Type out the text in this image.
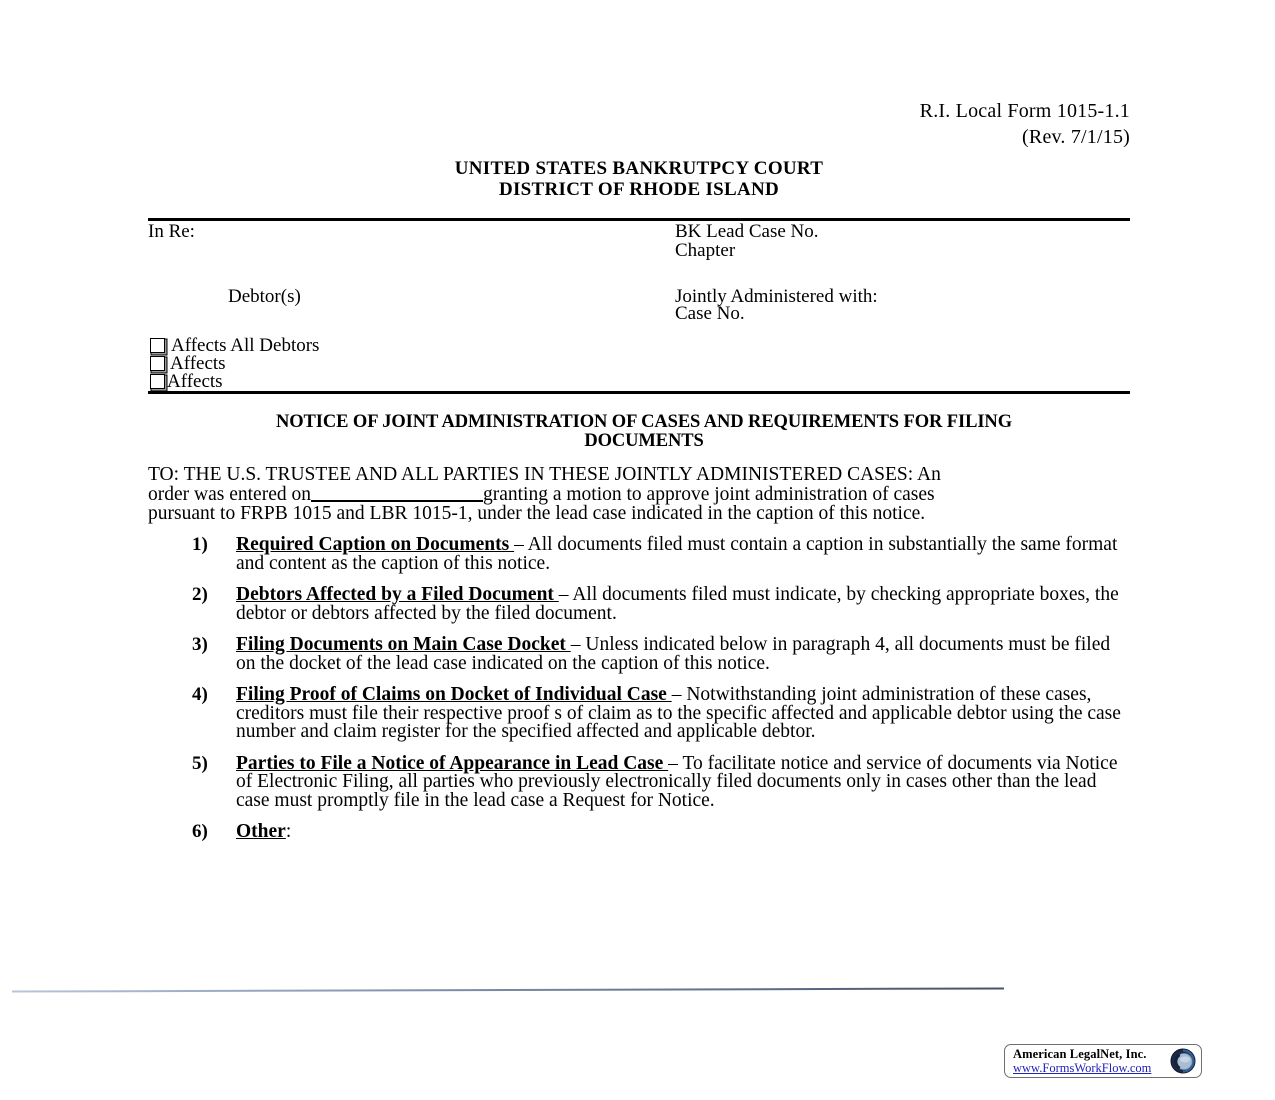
R.I. Local Form 1015-1.1
(Rev. 7/1/15)
UNITED STATES BANKRUTPCY COURT
DISTRICT OF RHODE ISLAND
In Re:
Debtor(s)
BK Lead Case No.
Chapter
Jointly Administered with:
Case No.
Affects All Debtors
Affects
Affects
NOTICE OF JOINT ADMINISTRATION OF CASES AND REQUIREMENTS FOR FILING
DOCUMENTS
TO: THE U.S. TRUSTEE AND ALL PARTIES IN THESE JOINTLY ADMINISTERED CASES: An
order was entered on	granting a motion to approve joint administration of cases
pursuant to FRPB 1015 and LBR 1015-1, under the lead case indicated in the caption of this notice.
1) Required Caption on Documents – All documents filed must contain a caption in substantially the same format and content as the caption of this notice.

2) Debtors Affected by a Filed Document – All documents filed must indicate, by checking appropriate boxes, the debtor or debtors affected by the filed document.

3) Filing Documents on Main Case Docket – Unless indicated below in paragraph 4, all documents must be filed on the docket of the lead case indicated on the caption of this notice.

4) Filing Proof of Claims on Docket of Individual Case – Notwithstanding joint administration of these cases, creditors must file their respective proof s of claim as to the specific affected and applicable debtor using the case number and claim register for the specified affected and applicable debtor.

5) Parties to File a Notice of Appearance in Lead Case – To facilitate notice and service of documents via Notice of Electronic Filing, all parties who previously electronically filed documents only in cases other than the lead case must promptly file in the lead case a Request for Notice.

6) Other:

American LegalNet, Inc.
www.FormsWorkFlow.com
